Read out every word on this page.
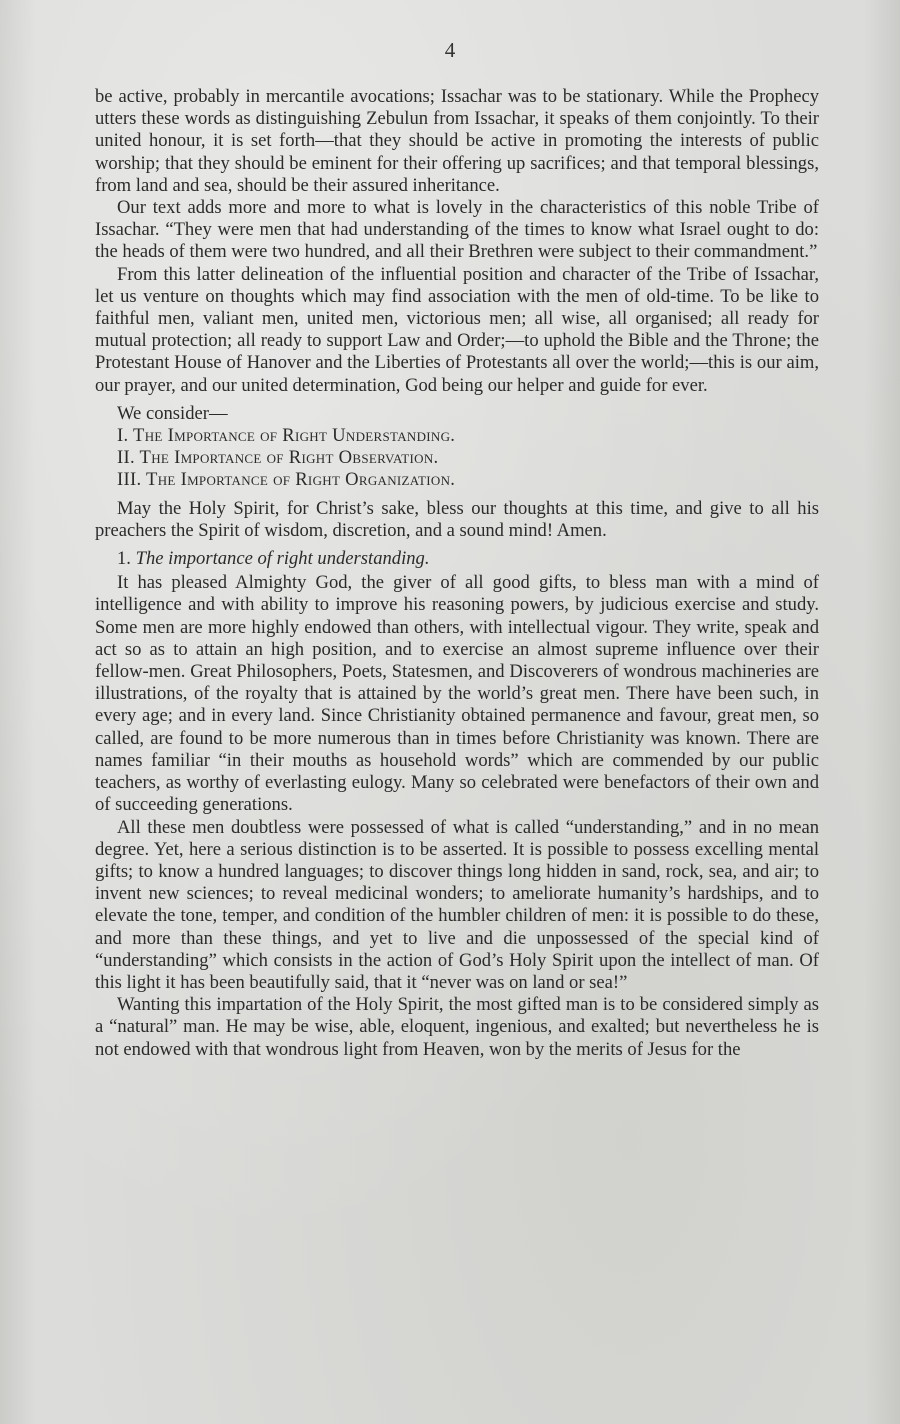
4

be active, probably in mercantile avocations; Issachar was to be stationary. While the Prophecy utters these words as distinguishing Zebulun from Issachar, it speaks of them conjointly. To their united honour, it is set forth—that they should be active in promoting the interests of public worship; that they should be eminent for their offering up sacrifices; and that temporal blessings, from land and sea, should be their assured inheritance.

Our text adds more and more to what is lovely in the characteristics of this noble Tribe of Issachar. “They were men that had understanding of the times to know what Israel ought to do: the heads of them were two hundred, and all their Brethren were subject to their commandment.”

From this latter delineation of the influential position and character of the Tribe of Issachar, let us venture on thoughts which may find association with the men of old-time. To be like to faithful men, valiant men, united men, victorious men; all wise, all organised; all ready for mutual protection; all ready to support Law and Order;—to uphold the Bible and the Throne; the Protestant House of Hanover and the Liberties of Protestants all over the world;—this is our aim, our prayer, and our united determination, God being our helper and guide for ever.

We consider—

I. The Importance of Right Understanding.

II. The Importance of Right Observation.

III. The Importance of Right Organization.

May the Holy Spirit, for Christ’s sake, bless our thoughts at this time, and give to all his preachers the Spirit of wisdom, discretion, and a sound mind! Amen.

1. The importance of right understanding.

It has pleased Almighty God, the giver of all good gifts, to bless man with a mind of intelligence and with ability to improve his reasoning powers, by judicious exercise and study. Some men are more highly endowed than others, with intellectual vigour. They write, speak and act so as to attain an high position, and to exercise an almost supreme influence over their fellow-men. Great Philosophers, Poets, Statesmen, and Discoverers of wondrous machineries are illustrations, of the royalty that is attained by the world’s great men. There have been such, in every age; and in every land. Since Christianity obtained permanence and favour, great men, so called, are found to be more numerous than in times before Christianity was known. There are names familiar “in their mouths as household words” which are commended by our public teachers, as worthy of everlasting eulogy. Many so celebrated were benefactors of their own and of succeeding generations.

All these men doubtless were possessed of what is called “understanding,” and in no mean degree. Yet, here a serious distinction is to be asserted. It is possible to possess excelling mental gifts; to know a hundred languages; to discover things long hidden in sand, rock, sea, and air; to invent new sciences; to reveal medicinal wonders; to ameliorate humanity’s hardships, and to elevate the tone, temper, and condition of the humbler children of men: it is possible to do these, and more than these things, and yet to live and die unpossessed of the special kind of “understanding” which consists in the action of God’s Holy Spirit upon the intellect of man. Of this light it has been beautifully said, that it “never was on land or sea!”

Wanting this impartation of the Holy Spirit, the most gifted man is to be considered simply as a “natural” man. He may be wise, able, eloquent, ingenious, and exalted; but nevertheless he is not endowed with that wondrous light from Heaven, won by the merits of Jesus for the
